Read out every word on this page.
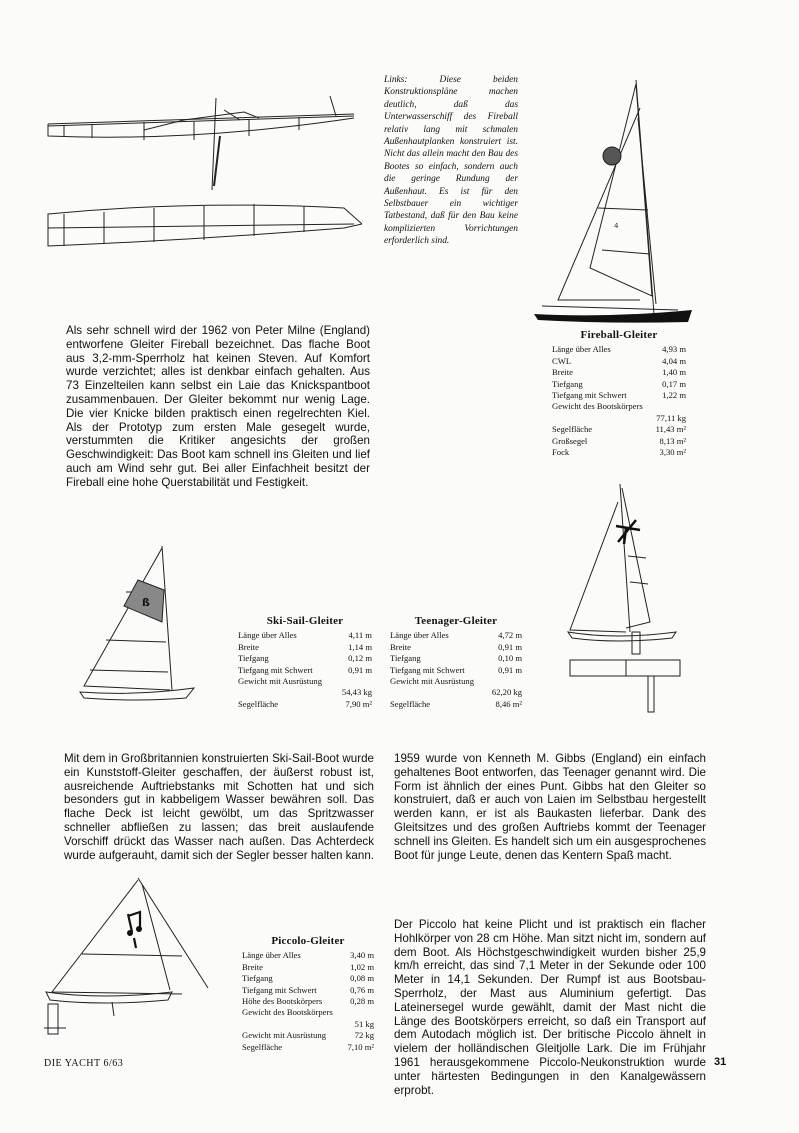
Links: Diese beiden Konstruktionspläne machen deutlich, daß das Unterwasserschiff des Fireball relativ lang mit schmalen Außenhautplanken konstruiert ist. Nicht das allein macht den Bau des Bootes so einfach, sondern auch die geringe Rundung der Außenhaut. Es ist für den Selbstbauer ein wichtiger Tatbestand, daß für den Bau keine komplizierten Vorrichtungen erforderlich sind.
4
Als sehr schnell wird der 1962 von Peter Milne (England) entworfene Gleiter Fireball bezeichnet. Das flache Boot aus 3,2-mm-Sperrholz hat keinen Steven. Auf Komfort wurde verzichtet; alles ist denkbar einfach gehalten. Aus 73 Einzelteilen kann selbst ein Laie das Knickspantboot zusammenbauen. Der Gleiter bekommt nur wenig Lage. Die vier Knicke bilden praktisch einen regelrechten Kiel. Als der Prototyp zum ersten Male gesegelt wurde, verstummten die Kritiker angesichts der großen Geschwindigkeit: Das Boot kam schnell ins Gleiten und lief auch am Wind sehr gut. Bei aller Einfachheit besitzt der Fireball eine hohe Querstabilität und Festigkeit.
Fireball-Gleiter
Länge über Alles	4,93 m
CWL	4,04 m
Breite	1,40 m
Tiefgang	0,17 m
Tiefgang mit Schwert	1,22 m
Gewicht des Bootskörpers
77,11 kg
Segelfläche	11,43 m²
Großsegel	8,13 m²
Fock	3,30 m²
ß
Ski-Sail-Gleiter
Länge über Alles	4,11 m
Breite	1,14 m
Tiefgang	0,12 m
Tiefgang mit Schwert	0,91 m
Gewicht mit Ausrüstung
54,43 kg
Segelfläche	7,90 m²
Teenager-Gleiter
Länge über Alles	4,72 m
Breite	0,91 m
Tiefgang	0,10 m
Tiefgang mit Schwert	0,91 m
Gewicht mit Ausrüstung
62,20 kg
Segelfläche	8,46 m²
Mit dem in Großbritannien konstruierten Ski-Sail-Boot wurde ein Kunststoff-Gleiter geschaffen, der äußerst robust ist, ausreichende Auftriebstanks mit Schotten hat und sich besonders gut in kabbeligem Wasser bewähren soll. Das flache Deck ist leicht gewölbt, um das Spritzwasser schneller abfließen zu lassen; das breit auslaufende Vorschiff drückt das Wasser nach außen. Das Achterdeck wurde aufgerauht, damit sich der Segler besser halten kann.
1959 wurde von Kenneth M. Gibbs (England) ein einfach gehaltenes Boot entworfen, das Teenager genannt wird. Die Form ist ähnlich der eines Punt. Gibbs hat den Gleiter so konstruiert, daß er auch von Laien im Selbstbau hergestellt werden kann, er ist als Baukasten lieferbar. Dank des Gleitsitzes und des großen Auftriebs kommt der Teenager schnell ins Gleiten. Es handelt sich um ein ausgesprochenes Boot für junge Leute, denen das Kentern Spaß macht.
Piccolo-Gleiter
Länge über Alles	3,40 m
Breite	1,02 m
Tiefgang	0,08 m
Tiefgang mit Schwert	0,76 m
Höhe des Bootskörpers	0,28 m
Gewicht des Bootskörpers
51 kg
Gewicht mit Ausrüstung	72 kg
Segelfläche	7,10 m²
Der Piccolo hat keine Plicht und ist praktisch ein flacher Hohlkörper von 28 cm Höhe. Man sitzt nicht im, sondern auf dem Boot. Als Höchstgeschwindigkeit wurden bisher 25,9 km/h erreicht, das sind 7,1 Meter in der Sekunde oder 100 Meter in 14,1 Sekunden. Der Rumpf ist aus Bootsbau-Sperrholz, der Mast aus Aluminium gefertigt. Das Lateinersegel wurde gewählt, damit der Mast nicht die Länge des Bootskörpers erreicht, so daß ein Transport auf dem Autodach möglich ist. Der britische Piccolo ähnelt in vielem der holländischen Gleitjolle Lark. Die im Frühjahr 1961 herausgekommene Piccolo-Neukonstruktion wurde unter härtesten Bedingungen in den Kanalgewässern erprobt.
DIE YACHT 6/63	31
